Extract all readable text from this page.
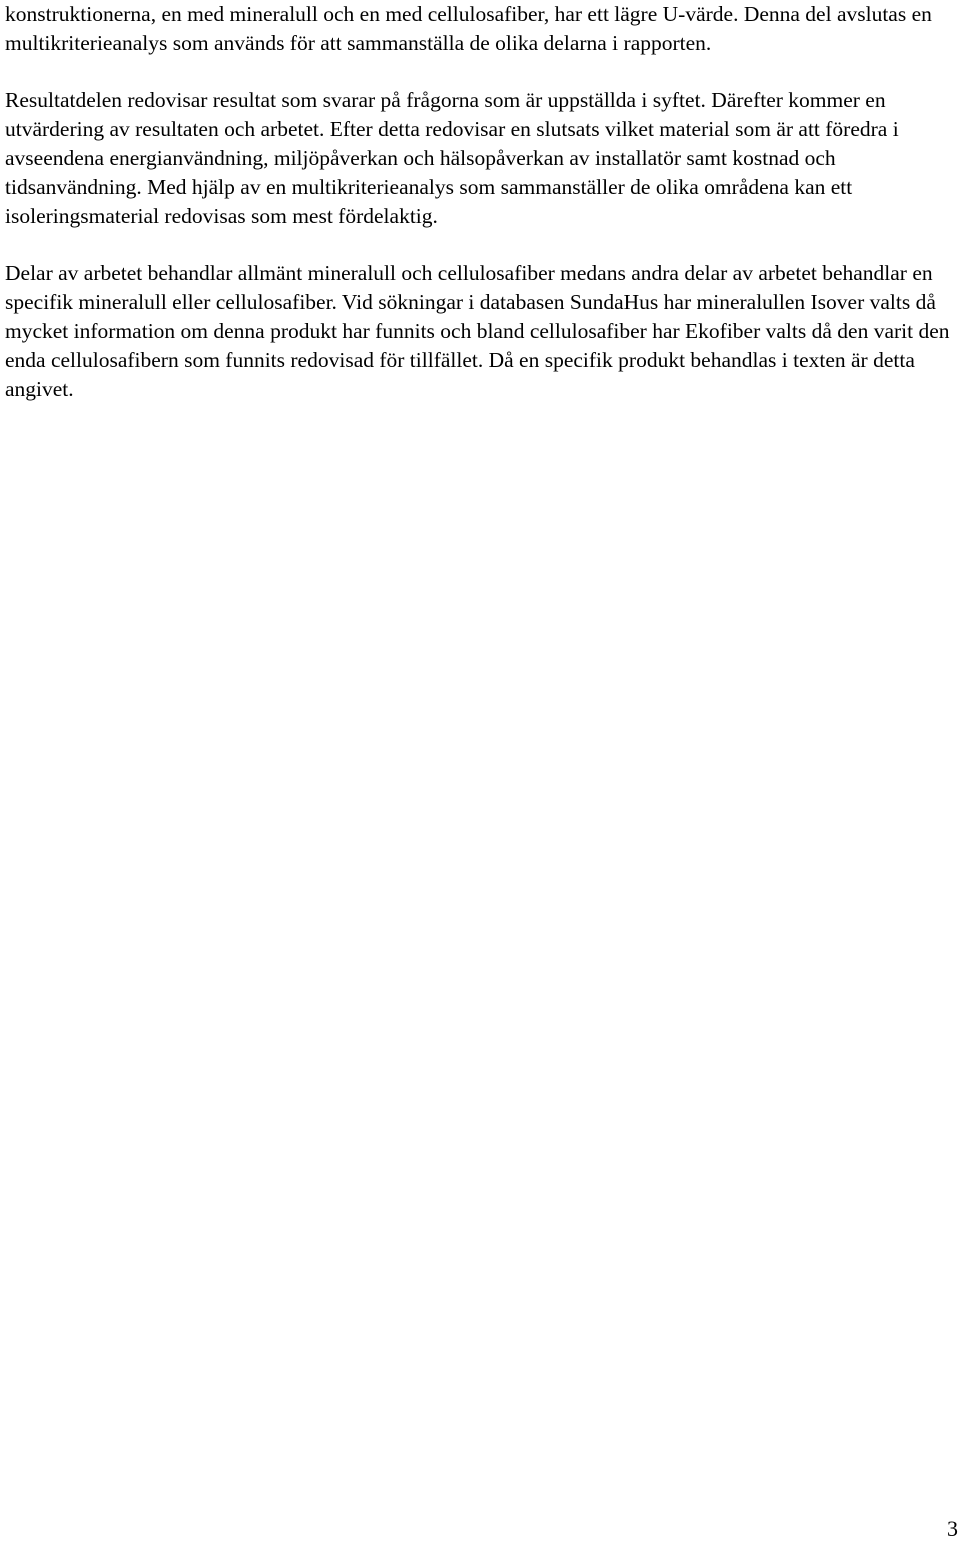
konstruktionerna, en med mineralull och en med cellulosafiber, har ett lägre U-värde. Denna del avslutas en multikriterieanalys som används för att sammanställa de olika delarna i rapporten.

Resultatdelen redovisar resultat som svarar på frågorna som är uppställda i syftet. Därefter kommer en utvärdering av resultaten och arbetet. Efter detta redovisar en slutsats vilket material som är att föredra i avseendena energianvändning, miljöpåverkan och hälsopåverkan av installatör samt kostnad och tidsanvändning. Med hjälp av en multikriterieanalys som sammanställer de olika områdena kan ett isoleringsmaterial redovisas som mest fördelaktig.

Delar av arbetet behandlar allmänt mineralull och cellulosafiber medans andra delar av arbetet behandlar en specifik mineralull eller cellulosafiber. Vid sökningar i databasen SundaHus har mineralullen Isover valts då mycket information om denna produkt har funnits och bland cellulosafiber har Ekofiber valts då den varit den enda cellulosafibern som funnits redovisad för tillfället. Då en specifik produkt behandlas i texten är detta angivet.

3
